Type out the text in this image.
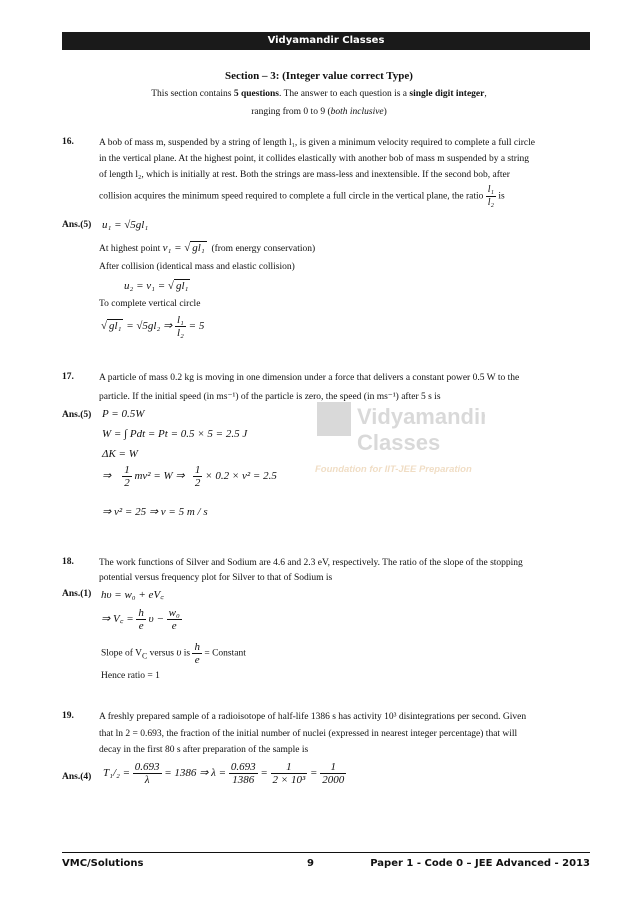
Vidyamandir Classes
Section – 3: (Integer value correct Type)
This section contains 5 questions. The answer to each question is a single digit integer,
ranging from 0 to 9 (both inclusive)
Vidyamandir
Classes
Foundation for IIT-JEE Preparation
16.	A bob of mass m, suspended by a string of length l₁, is given a minimum velocity required to complete a full circle
in the vertical plane. At the highest point, it collides elastically with another bob of mass m suspended by a string
of length l₂, which is initially at rest. Both the strings are mass-less and inextensible. If the second bob, after
collision acquires the minimum speed required to complete a full circle in the vertical plane, the ratio $\frac{\text{l₁}}{\text{l₂}}$ is
Ans.(5) u₁ = √5gl₁
At highest point v₁ = √ gl₁ (from energy conservation)
After collision (identical mass and elastic collision)
u₂ = v₁ = √ gl₁
To complete vertical circle
√ gl₁ = √5gl₂ ⇒ $\frac{\text{l₁}}{\text{l₂}} = 5$
17.	A particle of mass 0.2 kg is moving in one dimension under a force that delivers a constant power 0.5 W to the
particle. If the initial speed (in ms⁻¹) of the particle is zero, the speed (in ms⁻¹) after 5 s is
Ans.(5) P = 0.5W
W = ∫ Pdt = Pt = 0.5 × 5 = 2.5 J
ΔK = W
⇒ $\frac{1}{2} mv^2 = W$ ⇒ $\frac{1}{2} \times 0.2 \times v^2 = 2.5$
⇒ v² = 25 ⇒ v = 5 m / s
18.	The work functions of Silver and Sodium are 4.6 and 2.3 eV, respectively. The ratio of the slope of the stopping
potential versus frequency plot for Silver to that of Sodium is
Ans.(1) hυ = w₀ + eV꜀
⇒ V꜀ = $\frac{h}{e}$ $\upsilon - \frac{\text{w₀}}{e}$
Slope of $V_C$ versus υ is $\frac{h}{e}$ = Constant
Hence ratio = 1
19.	A freshly prepared sample of a radioisotope of half-life 1386 s has activity 10³ disintegrations per second. Given
that ln 2 = 0.693, the fraction of the initial number of nuclei (expressed in nearest integer percentage) that will
decay in the first 80 s after preparation of the sample is
Ans.(4) $T_1/_2 = \frac{0.693}{\lambda} = 1386$ ⇒ $\lambda = \frac{0.693}{1386} = \frac{1}{\text{2 × 10³}} = \frac{1}{2000}$
VMC/Solutions	9	Paper 1 - Code 0 – JEE Advanced - 2013
